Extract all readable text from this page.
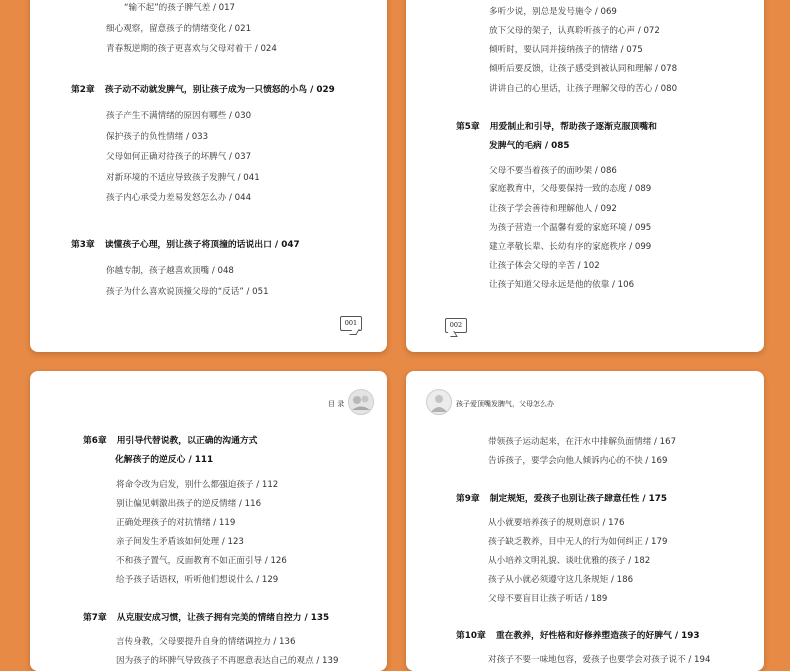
“输不起”的孩子脾气差 / 017
细心观察，留意孩子的情绪变化 / 021
青春叛逆期的孩子更喜欢与父母对着干 / 024
第2章 孩子动不动就发脾气，别让孩子成为一只愤怒的小鸟 / 029
孩子产生不满情绪的原因有哪些 / 030
保护孩子的负性情绪 / 033
父母如何正确对待孩子的坏脾气 / 037
对新环境的不适应导致孩子发脾气 / 041
孩子内心承受力差易发怒怎么办 / 044
第3章 读懂孩子心理，别让孩子将顶撞的话说出口 / 047
你越专制，孩子越喜欢顶嘴 / 048
孩子为什么喜欢说顶撞父母的“反话” / 051
001
多听少说，别总是发号施令 / 069
放下父母的架子，认真聆听孩子的心声 / 072
倾听时，要认同并接纳孩子的情绪 / 075
倾听后要反馈，让孩子感受到被认同和理解 / 078
讲讲自己的心里话，让孩子理解父母的苦心 / 080
第5章 用爱制止和引导，帮助孩子逐渐克服顶嘴和
发脾气的毛病 / 085
父母不要当着孩子的面吵架 / 086
家庭教育中，父母要保持一致的态度 / 089
让孩子学会善待和理解他人 / 092
为孩子营造一个温馨有爱的家庭环境 / 095
建立孝敬长辈、长幼有序的家庭秩序 / 099
让孩子体会父母的辛苦 / 102
让孩子知道父母永远是他的依靠 / 106
002
目 录
第6章 用引导代替说教，以正确的沟通方式
化解孩子的逆反心 / 111
将命令改为启发，别什么都强迫孩子 / 112
别让偏见刺激出孩子的逆反情绪 / 116
正确处理孩子的对抗情绪 / 119
亲子间发生矛盾该如何处理 / 123
不和孩子置气，反面教育不如正面引导 / 126
给予孩子话语权，听听他们想说什么 / 129
第7章 从克服安成习惯，让孩子拥有完美的情绪自控力 / 135
言传身教，父母要提升自身的情绪调控力 / 136
因为孩子的坏脾气导致孩子不再愿意表达自己的观点 / 139
孩子爱顶嘴发脾气，父母怎么办
带领孩子运动起来，在汗水中排解负面情绪 / 167
告诉孩子，要学会向他人倾诉内心的不快 / 169
第9章 制定规矩，爱孩子也别让孩子肆意任性 / 175
从小就要培养孩子的规则意识 / 176
孩子缺乏教养，目中无人的行为如何纠正 / 179
从小培养文明礼貌、谈吐优雅的孩子 / 182
孩子从小就必须遵守这几条规矩 / 186
父母不要盲目让孩子听话 / 189
第10章 重在教养，好性格和好修养塑造孩子的好脾气 / 193
对孩子不要一味地包容，爱孩子也要学会对孩子说不 / 194
